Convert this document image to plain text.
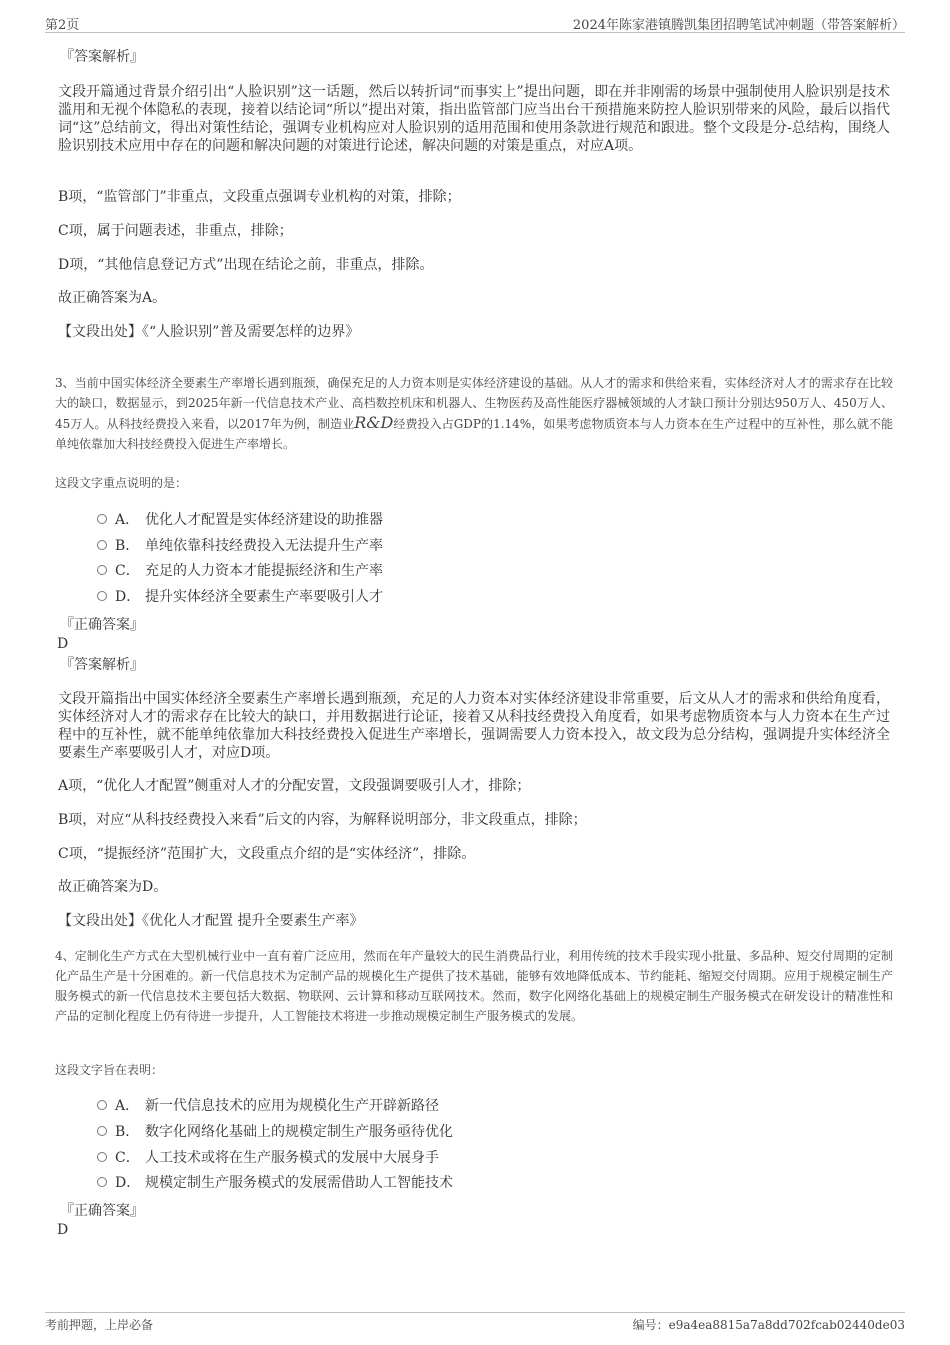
第2页	2024年陈家港镇腾凯集团招聘笔试冲刺题（带答案解析）
『答案解析』
文段开篇通过背景介绍引出“人脸识别”这一话题，然后以转折词“而事实上”提出问题，即在并非刚需的场景中强制使用人脸识别是技术滥用和无视个体隐私的表现，接着以结论词“所以”提出对策，指出监管部门应当出台干预措施来防控人脸识别带来的风险，最后以指代词“这”总结前文，得出对策性结论，强调专业机构应对人脸识别的适用范围和使用条款进行规范和跟进。整个文段是分-总结构，围绕人脸识别技术应用中存在的问题和解决问题的对策进行论述，解决问题的对策是重点，对应A项。
B项，“监管部门”非重点，文段重点强调专业机构的对策，排除；
C项，属于问题表述，非重点，排除；
D项，“其他信息登记方式”出现在结论之前，非重点，排除。
故正确答案为A。
【文段出处】《“人脸识别”普及需要怎样的边界》
3、当前中国实体经济全要素生产率增长遇到瓶颈，确保充足的人力资本则是实体经济建设的基础。从人才的需求和供给来看，实体经济对人才的需求存在比较大的缺口，数据显示，到2025年新一代信息技术产业、高档数控机床和机器人、生物医药及高性能医疗器械领域的人才缺口预计分别达950万人、450万人、45万人。从科技经费投入来看，以2017年为例，制造业R&D经费投入占GDP的1.14%，如果考虑物质资本与人力资本在生产过程中的互补性，那么就不能单纯依靠加大科技经费投入促进生产率增长。
这段文字重点说明的是：
A． 优化人才配置是实体经济建设的助推器
B． 单纯依靠科技经费投入无法提升生产率
C． 充足的人力资本才能提振经济和生产率
D． 提升实体经济全要素生产率要吸引人才
『正确答案』
D
『答案解析』
文段开篇指出中国实体经济全要素生产率增长遇到瓶颈，充足的人力资本对实体经济建设非常重要，后文从人才的需求和供给角度看，实体经济对人才的需求存在比较大的缺口，并用数据进行论证，接着又从科技经费投入角度看，如果考虑物质资本与人力资本在生产过程中的互补性，就不能单纯依靠加大科技经费投入促进生产率增长，强调需要人力资本投入，故文段为总分结构，强调提升实体经济全要素生产率要吸引人才，对应D项。
A项，“优化人才配置”侧重对人才的分配安置，文段强调要吸引人才，排除；
B项，对应“从科技经费投入来看”后文的内容，为解释说明部分，非文段重点，排除；
C项，“提振经济”范围扩大，文段重点介绍的是“实体经济”，排除。
故正确答案为D。
【文段出处】《优化人才配置 提升全要素生产率》
4、定制化生产方式在大型机械行业中一直有着广泛应用，然而在年产量较大的民生消费品行业，利用传统的技术手段实现小批量、多品种、短交付周期的定制化产品生产是十分困难的。新一代信息技术为定制产品的规模化生产提供了技术基础，能够有效地降低成本、节约能耗、缩短交付周期。应用于规模定制生产服务模式的新一代信息技术主要包括大数据、物联网、云计算和移动互联网技术。然而，数字化网络化基础上的规模定制生产服务模式在研发设计的精准性和产品的定制化程度上仍有待进一步提升，人工智能技术将进一步推动规模定制生产服务模式的发展。
这段文字旨在表明：
A． 新一代信息技术的应用为规模化生产开辟新路径
B． 数字化网络化基础上的规模定制生产服务亟待优化
C． 人工技术或将在生产服务模式的发展中大展身手
D． 规模定制生产服务模式的发展需借助人工智能技术
『正确答案』
D
考前押题，上岸必备	编号：e9a4ea8815a7a8dd702fcab02440de03
